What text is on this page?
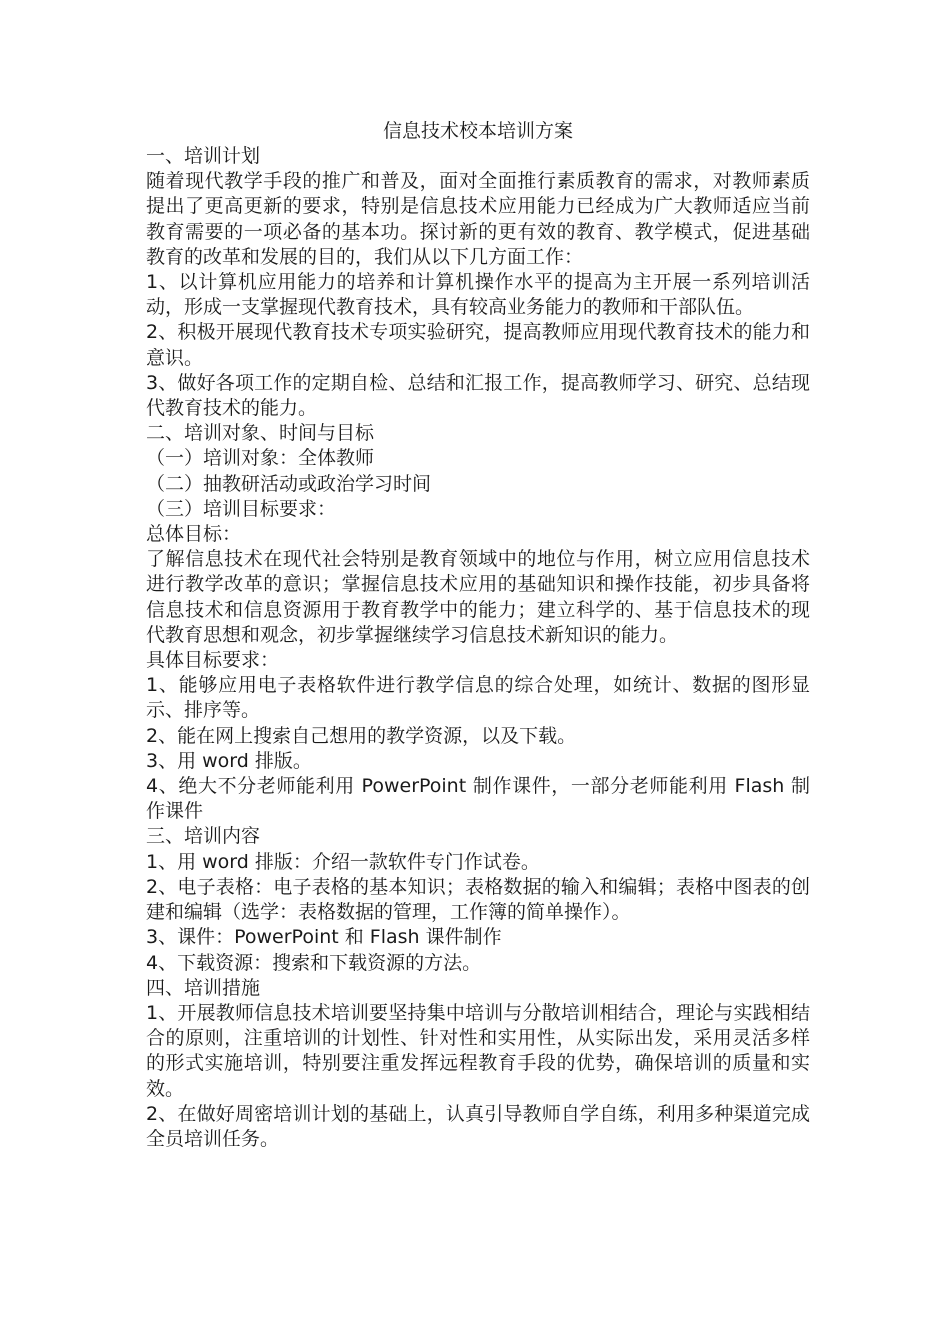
信息技术校本培训方案

一、培训计划

随着现代教学手段的推广和普及，面对全面推行素质教育的需求，对教师素质提出了更高更新的要求，特别是信息技术应用能力已经成为广大教师适应当前教育需要的一项必备的基本功。探讨新的更有效的教育、教学模式，促进基础教育的改革和发展的目的，我们从以下几方面工作：

1、以计算机应用能力的培养和计算机操作水平的提高为主开展一系列培训活动，形成一支掌握现代教育技术，具有较高业务能力的教师和干部队伍。

2、积极开展现代教育技术专项实验研究，提高教师应用现代教育技术的能力和意识。

3、做好各项工作的定期自检、总结和汇报工作，提高教师学习、研究、总结现代教育技术的能力。

二、培训对象、时间与目标

（一）培训对象：全体教师

（二）抽教研活动或政治学习时间

（三）培训目标要求：

总体目标：

了解信息技术在现代社会特别是教育领域中的地位与作用，树立应用信息技术进行教学改革的意识；掌握信息技术应用的基础知识和操作技能，初步具备将信息技术和信息资源用于教育教学中的能力；建立科学的、基于信息技术的现代教育思想和观念，初步掌握继续学习信息技术新知识的能力。

具体目标要求：

1、能够应用电子表格软件进行教学信息的综合处理，如统计、数据的图形显示、排序等。

2、能在网上搜索自己想用的教学资源，以及下载。

3、用 word 排版。

4、绝大不分老师能利用 PowerPoint 制作课件，一部分老师能利用 Flash 制作课件

三、培训内容

1、用 word 排版：介绍一款软件专门作试卷。

2、电子表格：电子表格的基本知识；表格数据的输入和编辑；表格中图表的创建和编辑（选学：表格数据的管理，工作簿的简单操作）。

3、课件：PowerPoint 和 Flash 课件制作

4、下载资源：搜索和下载资源的方法。

四、培训措施

1、开展教师信息技术培训要坚持集中培训与分散培训相结合，理论与实践相结合的原则，注重培训的计划性、针对性和实用性，从实际出发，采用灵活多样的形式实施培训，特别要注重发挥远程教育手段的优势，确保培训的质量和实效。

2、在做好周密培训计划的基础上，认真引导教师自学自练，利用多种渠道完成全员培训任务。
